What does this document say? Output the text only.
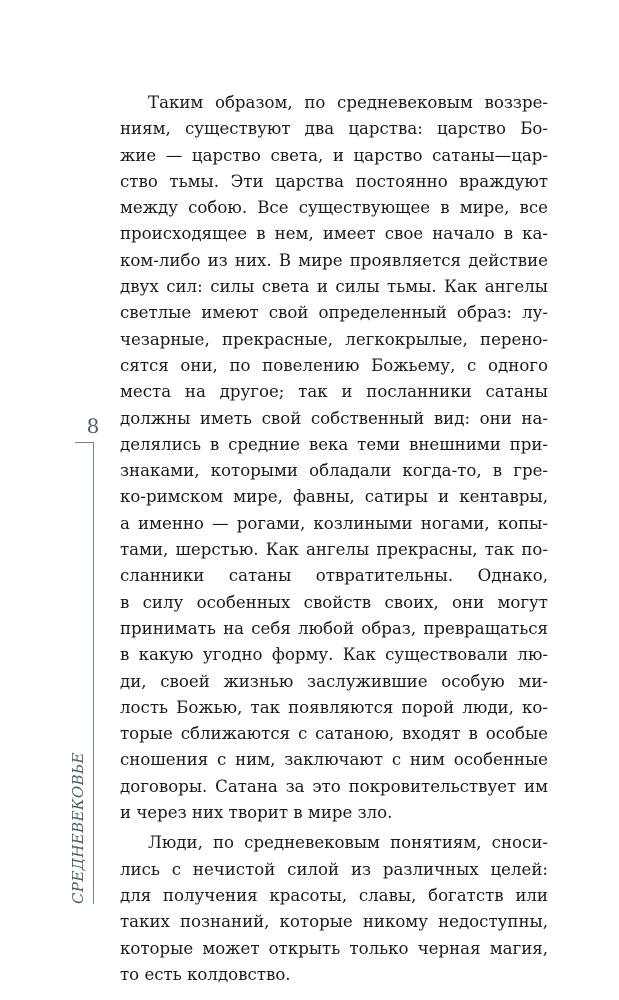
8
СРЕДНЕВЕКОВЬЕ
Таким образом, по средневековым воззре-
ниям, существуют два царства: царство Бо-
жие — царство света, и царство сатаны—цар-
ство тьмы. Эти царства постоянно враждуют
между собою. Все существующее в мире, все
происходящее в нем, имеет свое начало в ка-
ком-либо из них. В мире проявляется действие
двух сил: силы света и силы тьмы. Как ангелы
светлые имеют свой определенный образ: лу-
чезарные, прекрасные, легкокрылые, перено-
сятся они, по повелению Божьему, с одного
места на другое; так и посланники сатаны
должны иметь свой собственный вид: они на-
делялись в средние века теми внешними при-
знаками, которыми обладали когда-то, в гре-
ко-римском мире, фавны, сатиры и кентавры,
а именно — рогами, козлиными ногами, копы-
тами, шерстью. Как ангелы прекрасны, так по-
сланники сатаны отвратительны. Однако,
в силу особенных свойств своих, они могут
принимать на себя любой образ, превращаться
в какую угодно форму. Как существовали лю-
ди, своей жизнью заслужившие особую ми-
лость Божью, так появляются порой люди, ко-
торые сближаются с сатаною, входят в особые
сношения с ним, заключают с ним особенные
договоры. Сатана за это покровительствует им
и через них творит в мире зло.
Люди, по средневековым понятиям, сноси-
лись с нечистой силой из различных целей:
для получения красоты, славы, богатств или
таких познаний, которые никому недоступны,
которые может открыть только черная магия,
то есть колдовство.
